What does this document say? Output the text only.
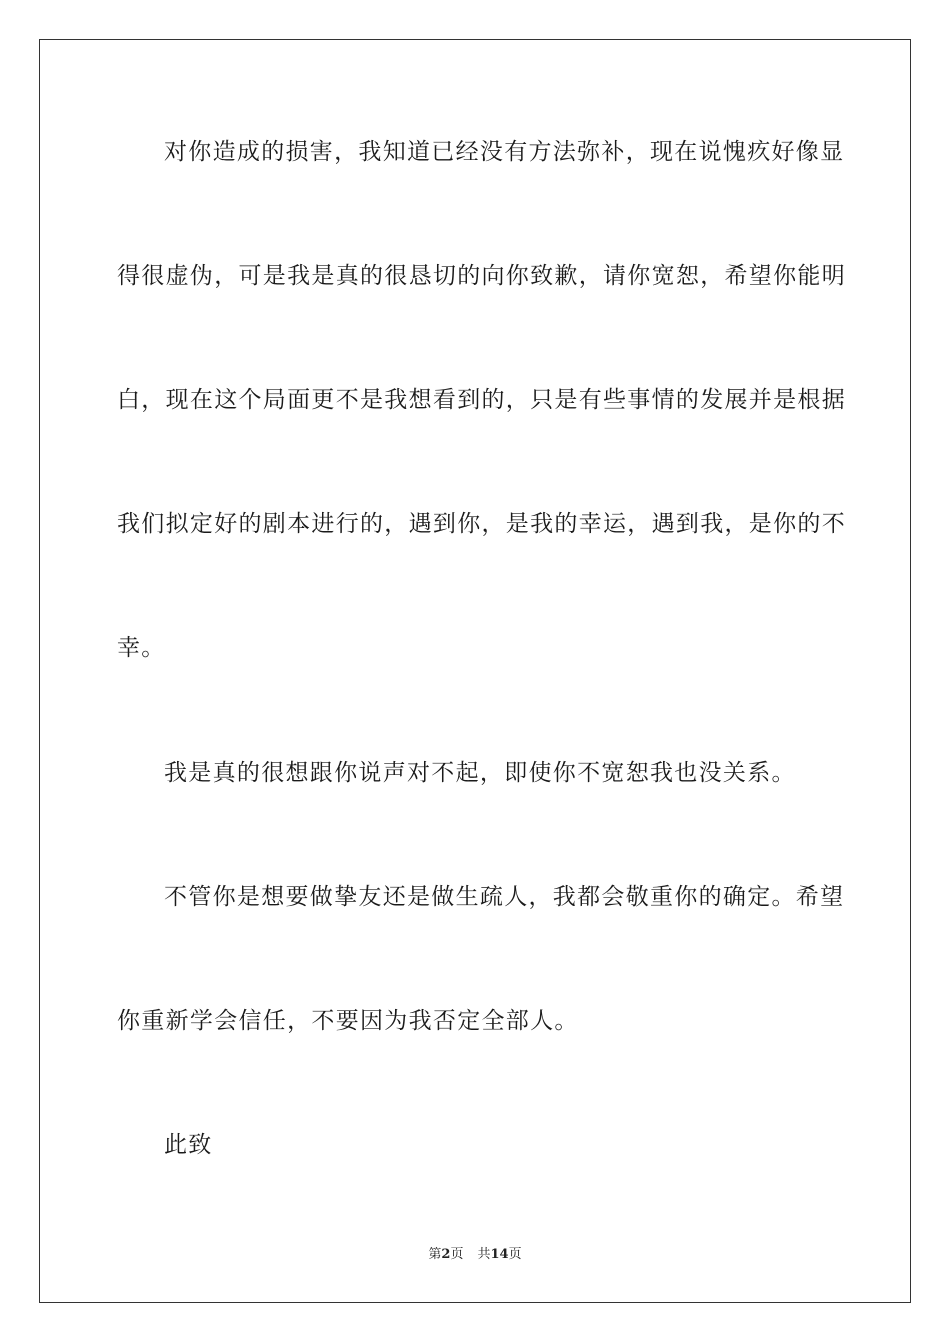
对你造成的损害，我知道已经没有方法弥补，现在说愧疚好像显
得很虚伪，可是我是真的很恳切的向你致歉，请你宽恕，希望你能明
白，现在这个局面更不是我想看到的，只是有些事情的发展并是根据
我们拟定好的剧本进行的，遇到你，是我的幸运，遇到我，是你的不
幸。
我是真的很想跟你说声对不起，即使你不宽恕我也没关系。
不管你是想要做挚友还是做生疏人，我都会敬重你的确定。希望
你重新学会信任，不要因为我否定全部人。
此致
第2页 共14页
